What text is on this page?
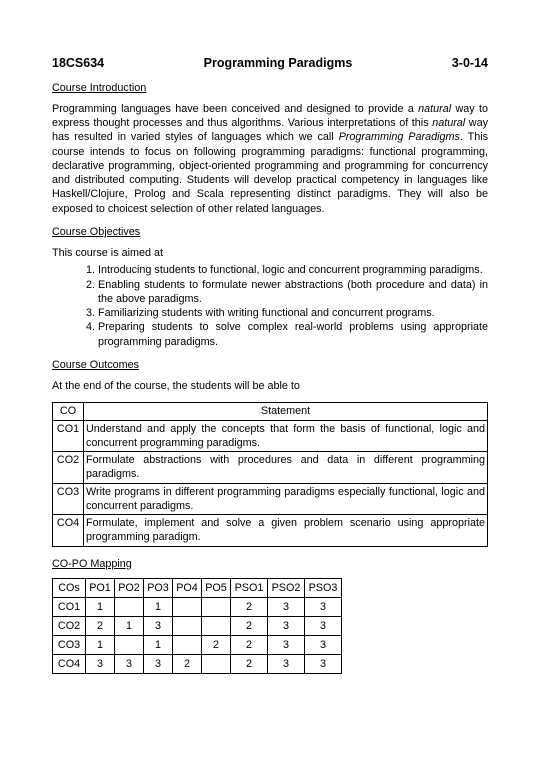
18CS634	Programming Paradigms	3-0-14
Course Introduction

Programming languages have been conceived and designed to provide a natural way to express thought processes and thus algorithms. Various interpretations of this natural way has resulted in varied styles of languages which we call Programming Paradigms. This course intends to focus on following programming paradigms: functional programming, declarative programming, object-oriented programming and programming for concurrency and distributed computing. Students will develop practical competency in languages like Haskell/Clojure, Prolog and Scala representing distinct paradigms. They will also be exposed to choicest selection of other related languages.

Course Objectives

This course is aimed at

1. Introducing students to functional, logic and concurrent programming paradigms.
2. Enabling students to formulate newer abstractions (both procedure and data) in the above paradigms.
3. Familiarizing students with writing functional and concurrent programs.
4. Preparing students to solve complex real-world problems using appropriate programming paradigms.
Course Outcomes

At the end of the course, the students will be able to

CO	Statement
CO1	Understand and apply the concepts that form the basis of functional, logic and concurrent programming paradigms.
CO2	Formulate abstractions with procedures and data in different programming paradigms.
CO3	Write programs in different programming paradigms especially functional, logic and concurrent paradigms.
CO4	Formulate, implement and solve a given problem scenario using appropriate programming paradigm.
CO-PO Mapping
COs	PO1	PO2	PO3	PO4	PO5	PSO1	PSO2	PSO3
CO1	1		1			2	3	3
CO2	2	1	3			2	3	3
CO3	1		1		2	2	3	3
CO4	3	3	3	2		2	3	3
